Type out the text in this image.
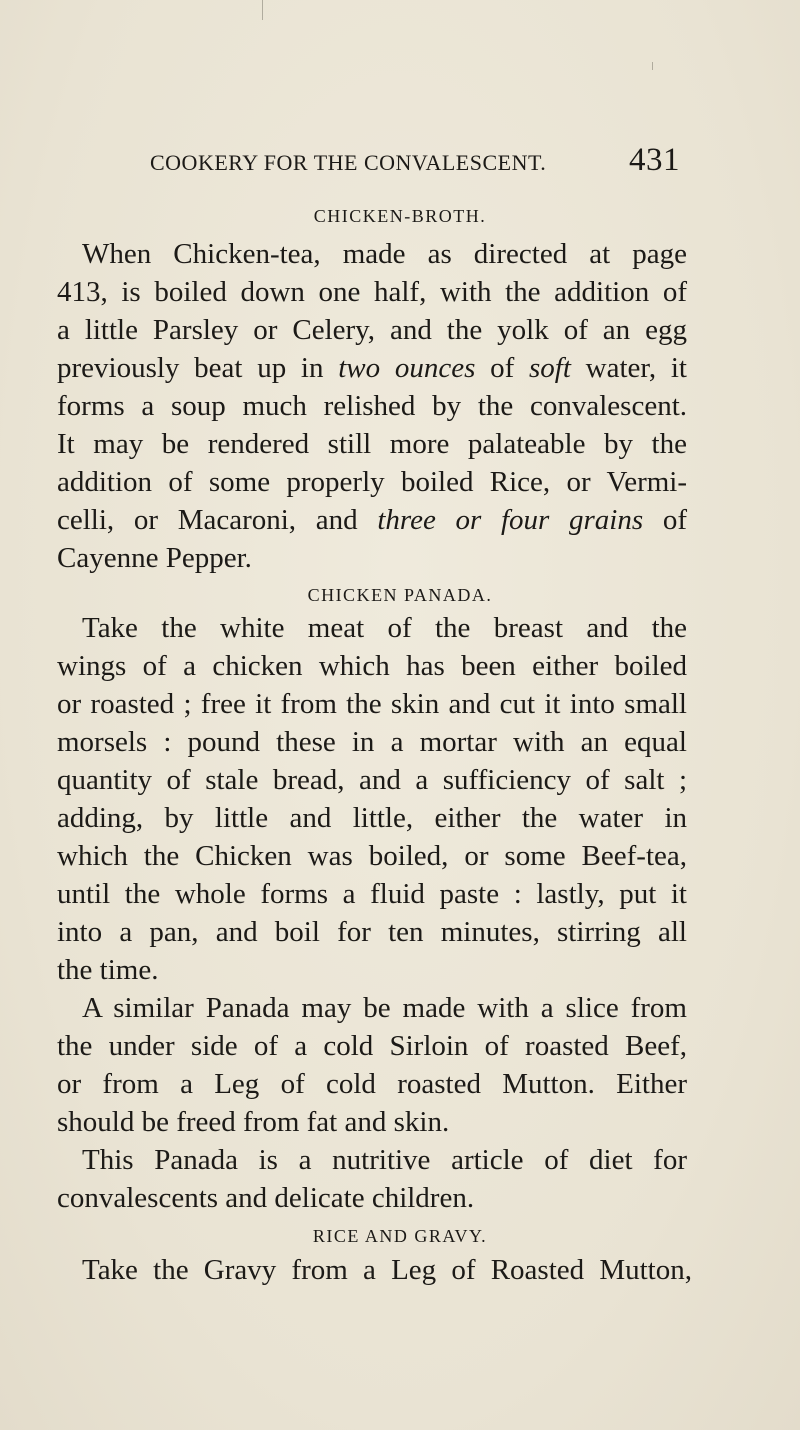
COOKERY FOR THE CONVALESCENT.	431
CHICKEN-BROTH.
When Chicken-tea, made as directed at page
413, is boiled down one half, with the addition of
a little Parsley or Celery, and the yolk of an egg
previously beat up in two ounces of soft water, it
forms a soup much relished by the convalescent.
It may be rendered still more palateable by the
addition of some properly boiled Rice, or Vermi-
celli, or Macaroni, and three or four grains of
Cayenne Pepper.
CHICKEN PANADA.
Take the white meat of the breast and the
wings of a chicken which has been either boiled
or roasted ; free it from the skin and cut it into small
morsels : pound these in a mortar with an equal
quantity of stale bread, and a sufficiency of salt ;
adding, by little and little, either the water in
which the Chicken was boiled, or some Beef-tea,
until the whole forms a fluid paste : lastly, put it
into a pan, and boil for ten minutes, stirring all
the time.
A similar Panada may be made with a slice from
the under side of a cold Sirloin of roasted Beef,
or from a Leg of cold roasted Mutton. Either
should be freed from fat and skin.
This Panada is a nutritive article of diet for
convalescents and delicate children.
RICE AND GRAVY.
Take the Gravy from a Leg of Roasted Mutton,
